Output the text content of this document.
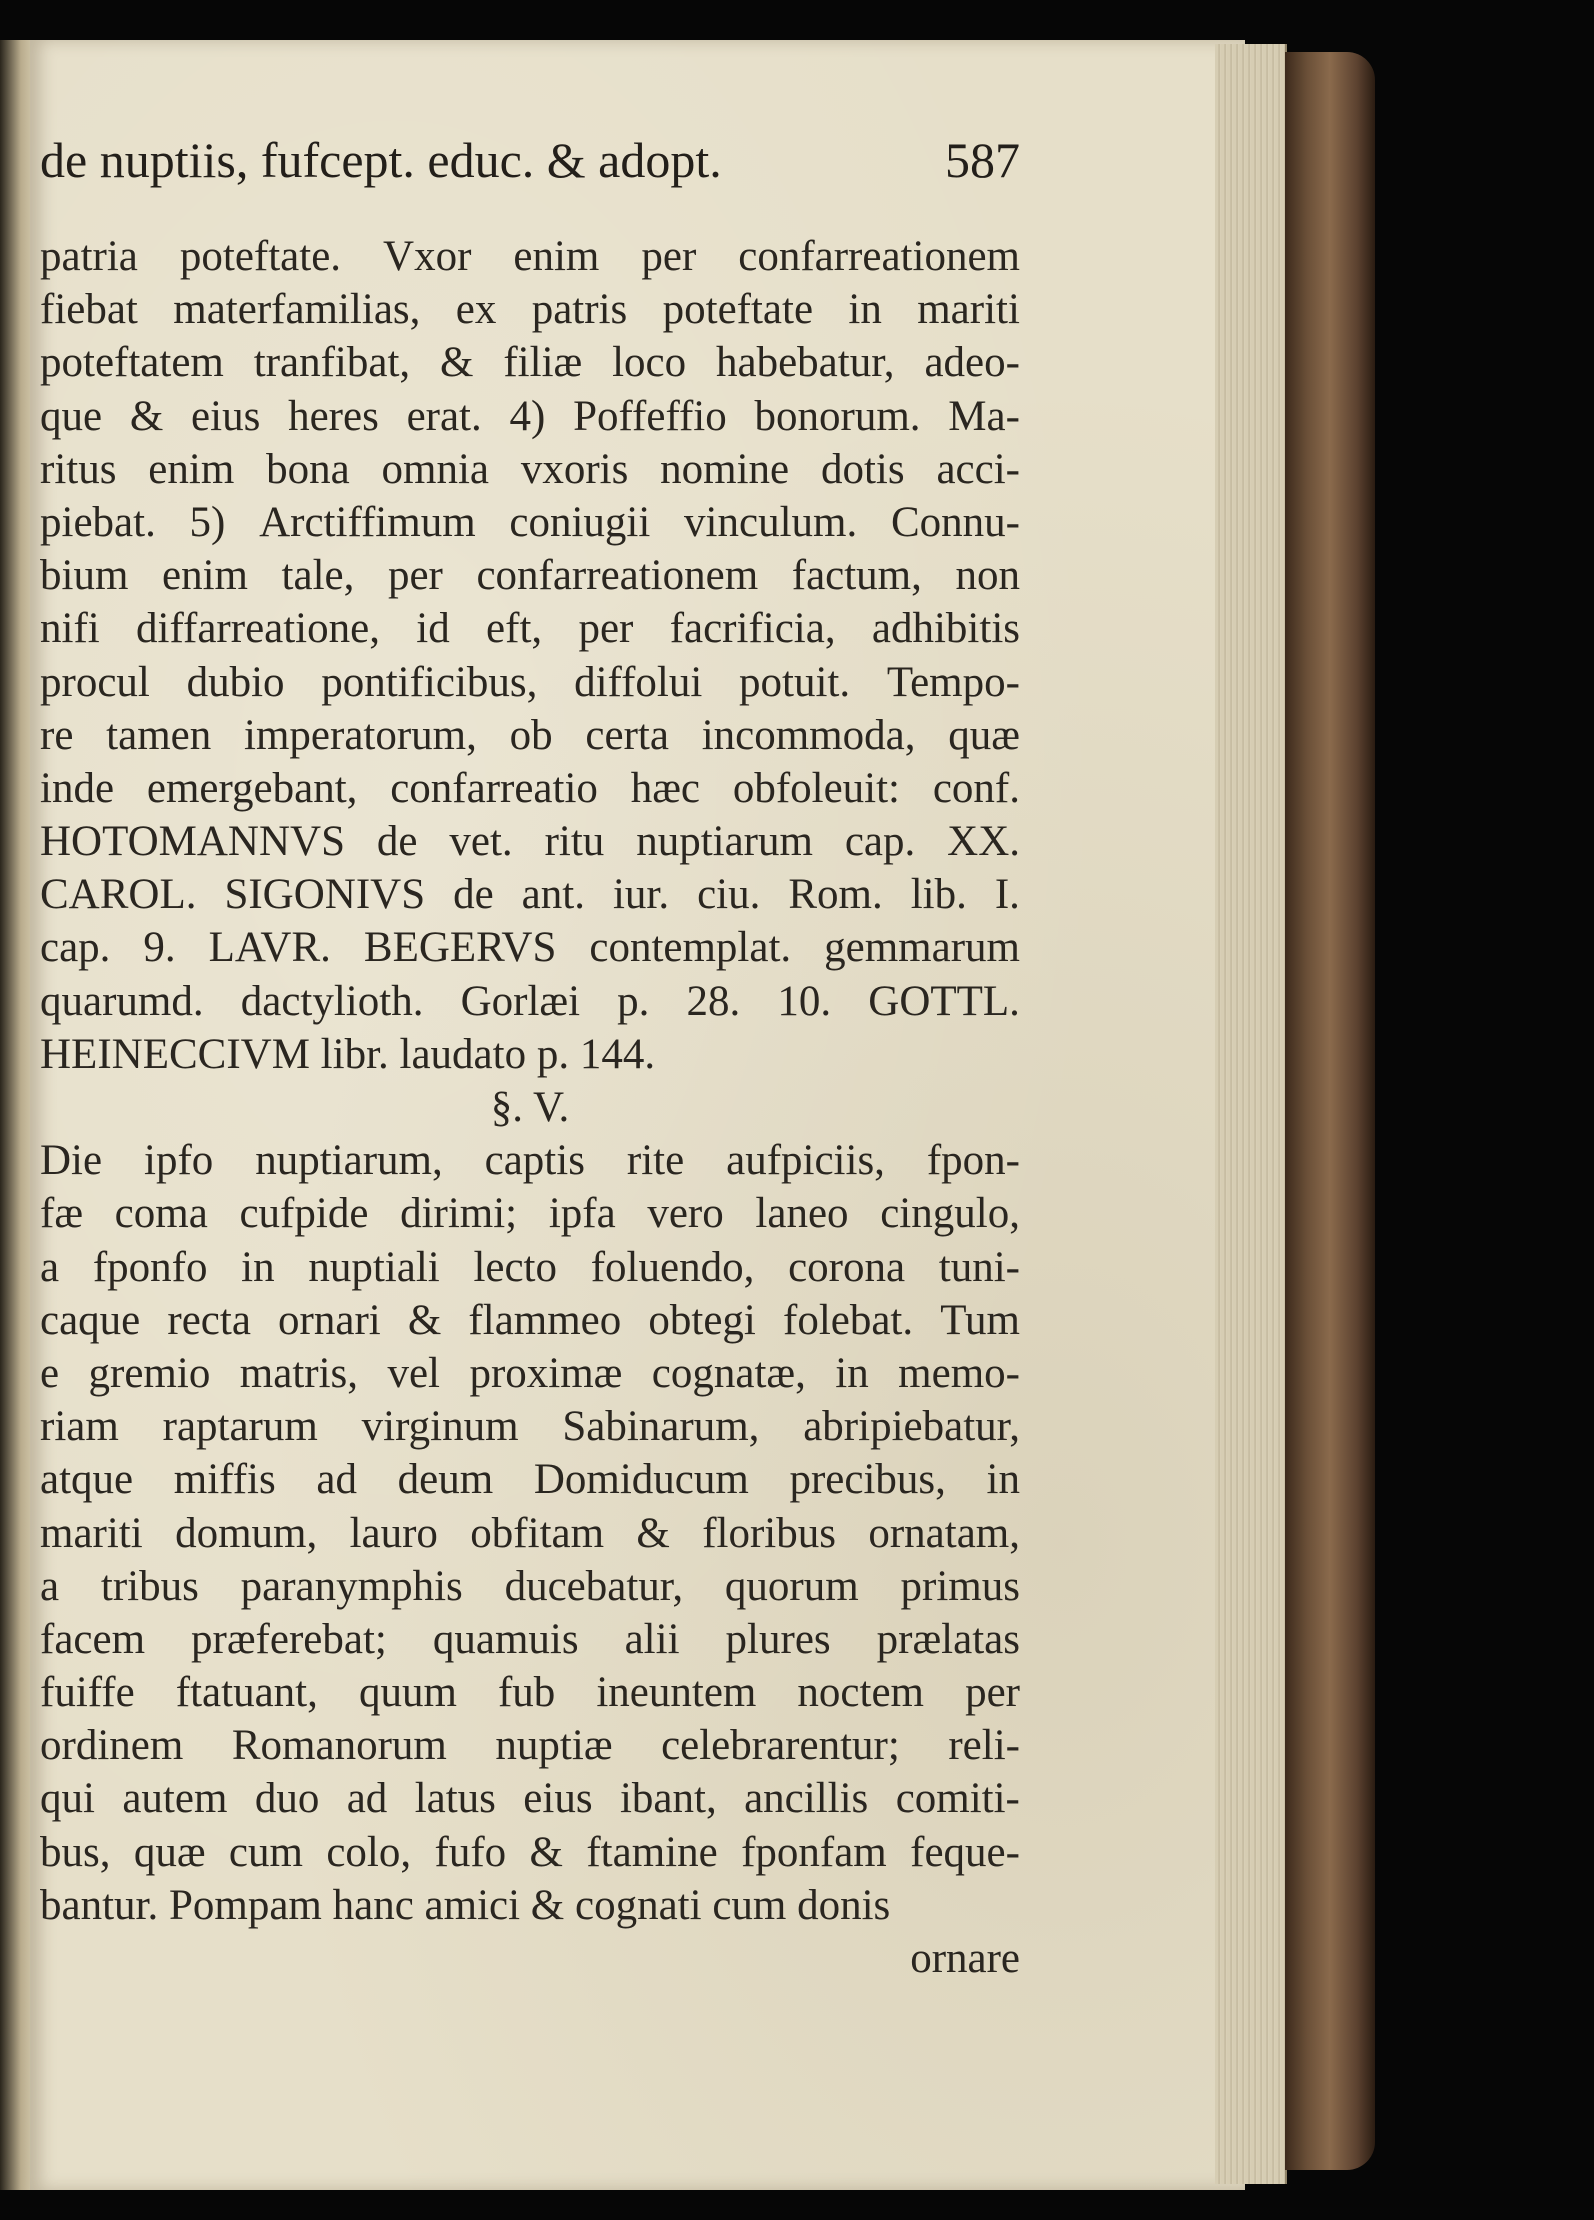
de nuptiis, fufcept. educ. & adopt.	587
patria poteftate. Vxor enim per confarreationem
fiebat materfamilias, ex patris poteftate in mariti
poteftatem tranfibat, & filiæ loco habebatur, adeo-
que & eius heres erat. 4) Poffeffio bonorum. Ma-
ritus enim bona omnia vxoris nomine dotis acci-
piebat. 5) Arctiffimum coniugii vinculum. Connu-
bium enim tale, per confarreationem factum, non
nifi diffarreatione, id eft, per facrificia, adhibitis
procul dubio pontificibus, diffolui potuit. Tempo-
re tamen imperatorum, ob certa incommoda, quæ
inde emergebant, confarreatio hæc obfoleuit: conf.
HOTOMANNVS de vet. ritu nuptiarum cap. XX.
CAROL. SIGONIVS de ant. iur. ciu. Rom. lib. I.
cap. 9. LAVR. BEGERVS contemplat. gemmarum
quarumd. dactylioth. Gorlæi p. 28. 10. GOTTL.
HEINECCIVM libr. laudato p. 144.
§. V.
Die ipfo nuptiarum, captis rite aufpiciis, fpon-
fæ coma cufpide dirimi; ipfa vero laneo cingulo,
a fponfo in nuptiali lecto foluendo, corona tuni-
caque recta ornari & flammeo obtegi folebat. Tum
e gremio matris, vel proximæ cognatæ, in memo-
riam raptarum virginum Sabinarum, abripiebatur,
atque miffis ad deum Domiducum precibus, in
mariti domum, lauro obfitam & floribus ornatam,
a tribus paranymphis ducebatur, quorum primus
facem præferebat; quamuis alii plures prælatas
fuiffe ftatuant, quum fub ineuntem noctem per
ordinem Romanorum nuptiæ celebrarentur; reli-
qui autem duo ad latus eius ibant, ancillis comiti-
bus, quæ cum colo, fufo & ftamine fponfam feque-
bantur. Pompam hanc amici & cognati cum donis
ornare
